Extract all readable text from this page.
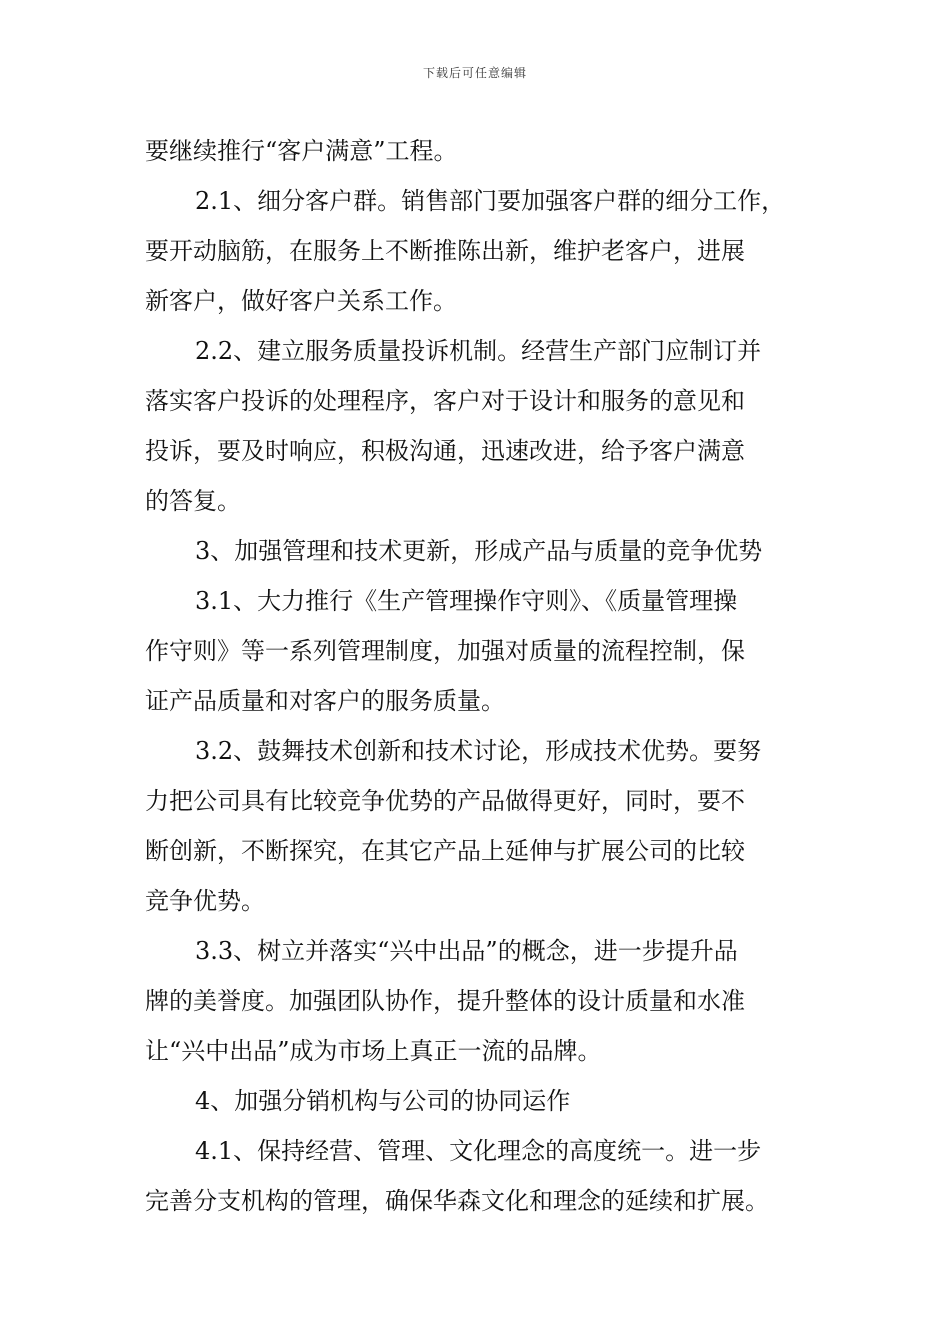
下载后可任意编辑
要继续推行“客户满意”工程。
2.1、细分客户群。销售部门要加强客户群的细分工作，
要开动脑筋，在服务上不断推陈出新，维护老客户，进展
新客户，做好客户关系工作。
2.2、建立服务质量投诉机制。经营生产部门应制订并
落实客户投诉的处理程序，客户对于设计和服务的意见和
投诉，要及时响应，积极沟通，迅速改进，给予客户满意
的答复。
3、加强管理和技术更新，形成产品与质量的竞争优势
3.1、大力推行《生产管理操作守则》、《质量管理操
作守则》等一系列管理制度，加强对质量的流程控制，保
证产品质量和对客户的服务质量。
3.2、鼓舞技术创新和技术讨论，形成技术优势。要努
力把公司具有比较竞争优势的产品做得更好，同时，要不
断创新，不断探究，在其它产品上延伸与扩展公司的比较
竞争优势。
3.3、树立并落实“兴中出品”的概念，进一步提升品
牌的美誉度。加强团队协作，提升整体的设计质量和水准
让“兴中出品”成为市场上真正一流的品牌。
4、加强分销机构与公司的协同运作
4.1、保持经营、管理、文化理念的高度统一。进一步
完善分支机构的管理，确保华森文化和理念的延续和扩展。
